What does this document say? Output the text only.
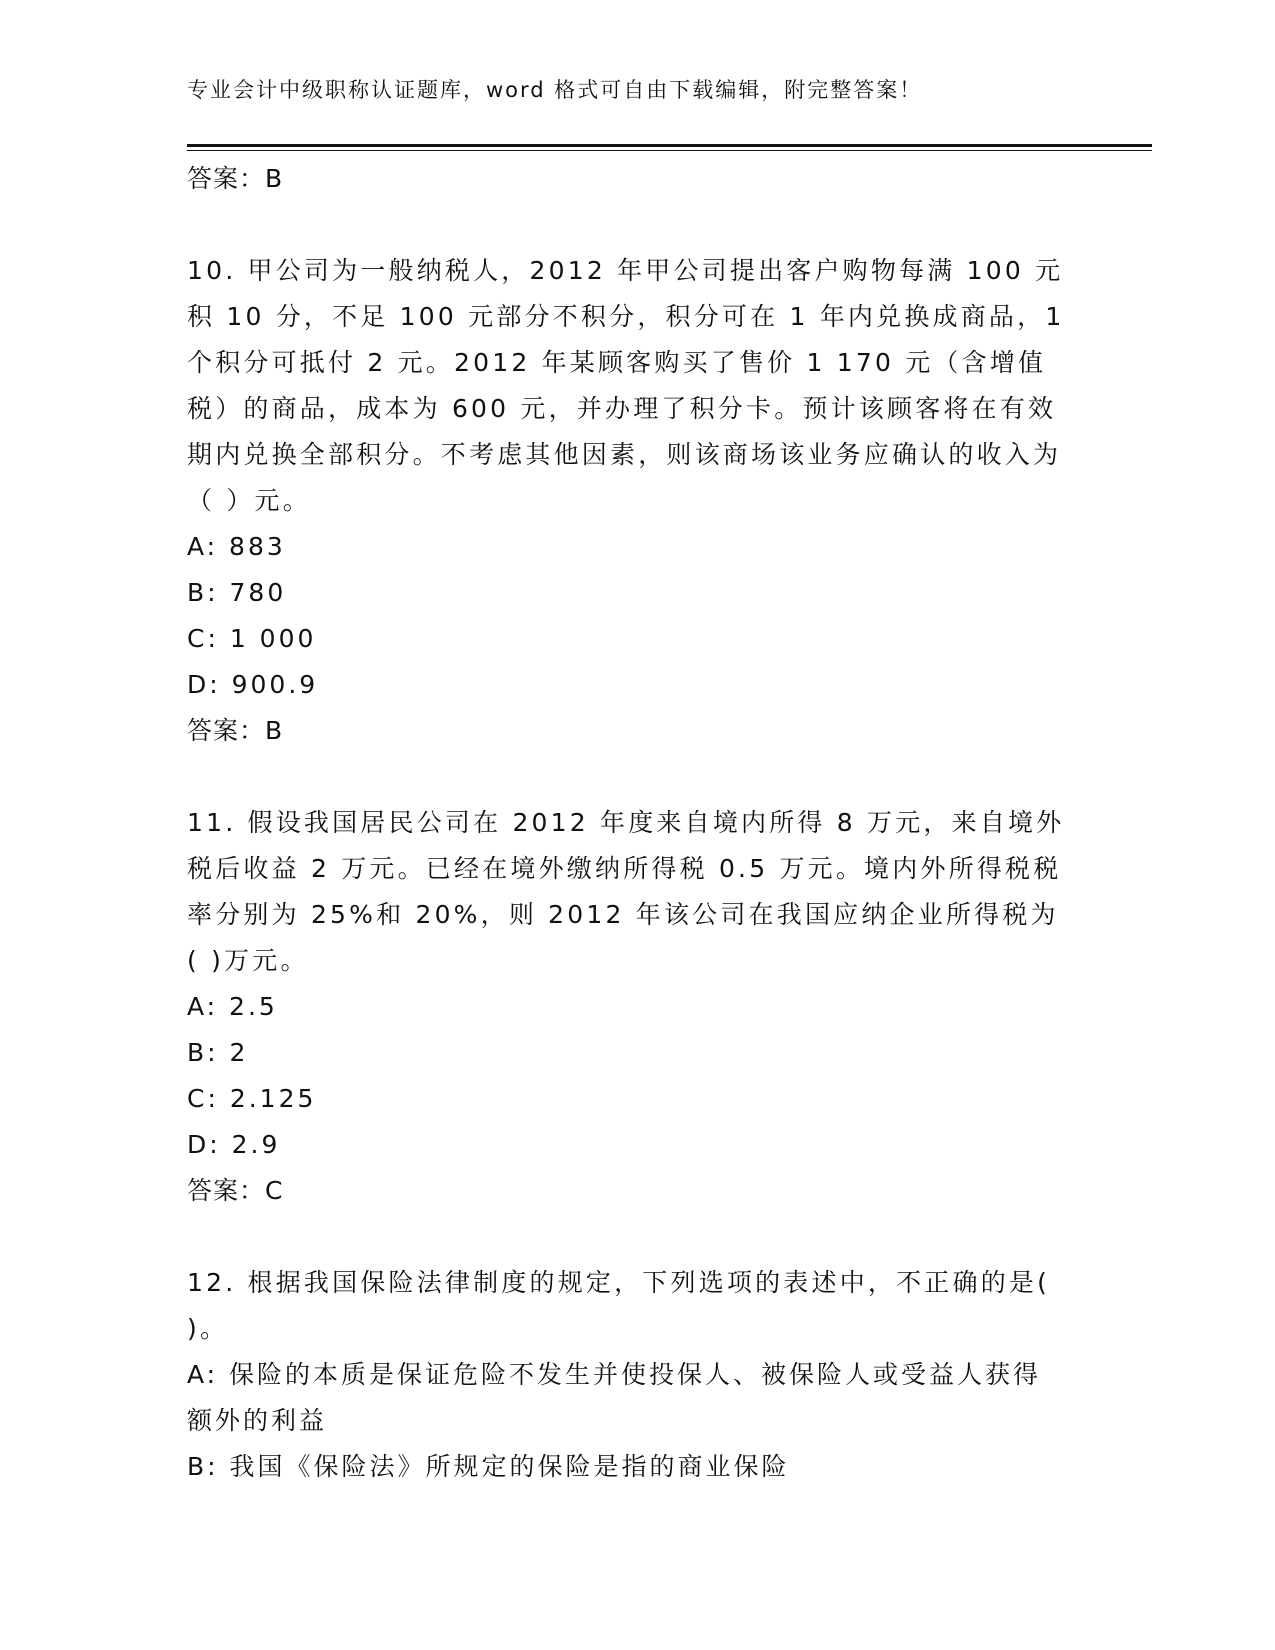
专业会计中级职称认证题库，word 格式可自由下载编辑，附完整答案！
答案：B
10. 甲公司为一般纳税人，2012 年甲公司提出客户购物每满 100 元积 10 分，不足 100 元部分不积分，积分可在 1 年内兑换成商品，1 个积分可抵付 2 元。2012 年某顾客购买了售价 1 170 元（含增值税）的商品，成本为 600 元，并办理了积分卡。预计该顾客将在有效期内兑换全部积分。不考虑其他因素，则该商场该业务应确认的收入为（ ）元。
A: 883
B: 780
C: 1 000
D: 900.9
答案：B
11. 假设我国居民公司在 2012 年度来自境内所得 8 万元，来自境外税后收益 2 万元。已经在境外缴纳所得税 0.5 万元。境内外所得税税率分别为 25%和 20%，则 2012 年该公司在我国应纳企业所得税为( )万元。
A: 2.5
B: 2
C: 2.125
D: 2.9
答案：C
12. 根据我国保险法律制度的规定，下列选项的表述中，不正确的是( )。
A: 保险的本质是保证危险不发生并使投保人、被保险人或受益人获得额外的利益
B: 我国《保险法》所规定的保险是指的商业保险
